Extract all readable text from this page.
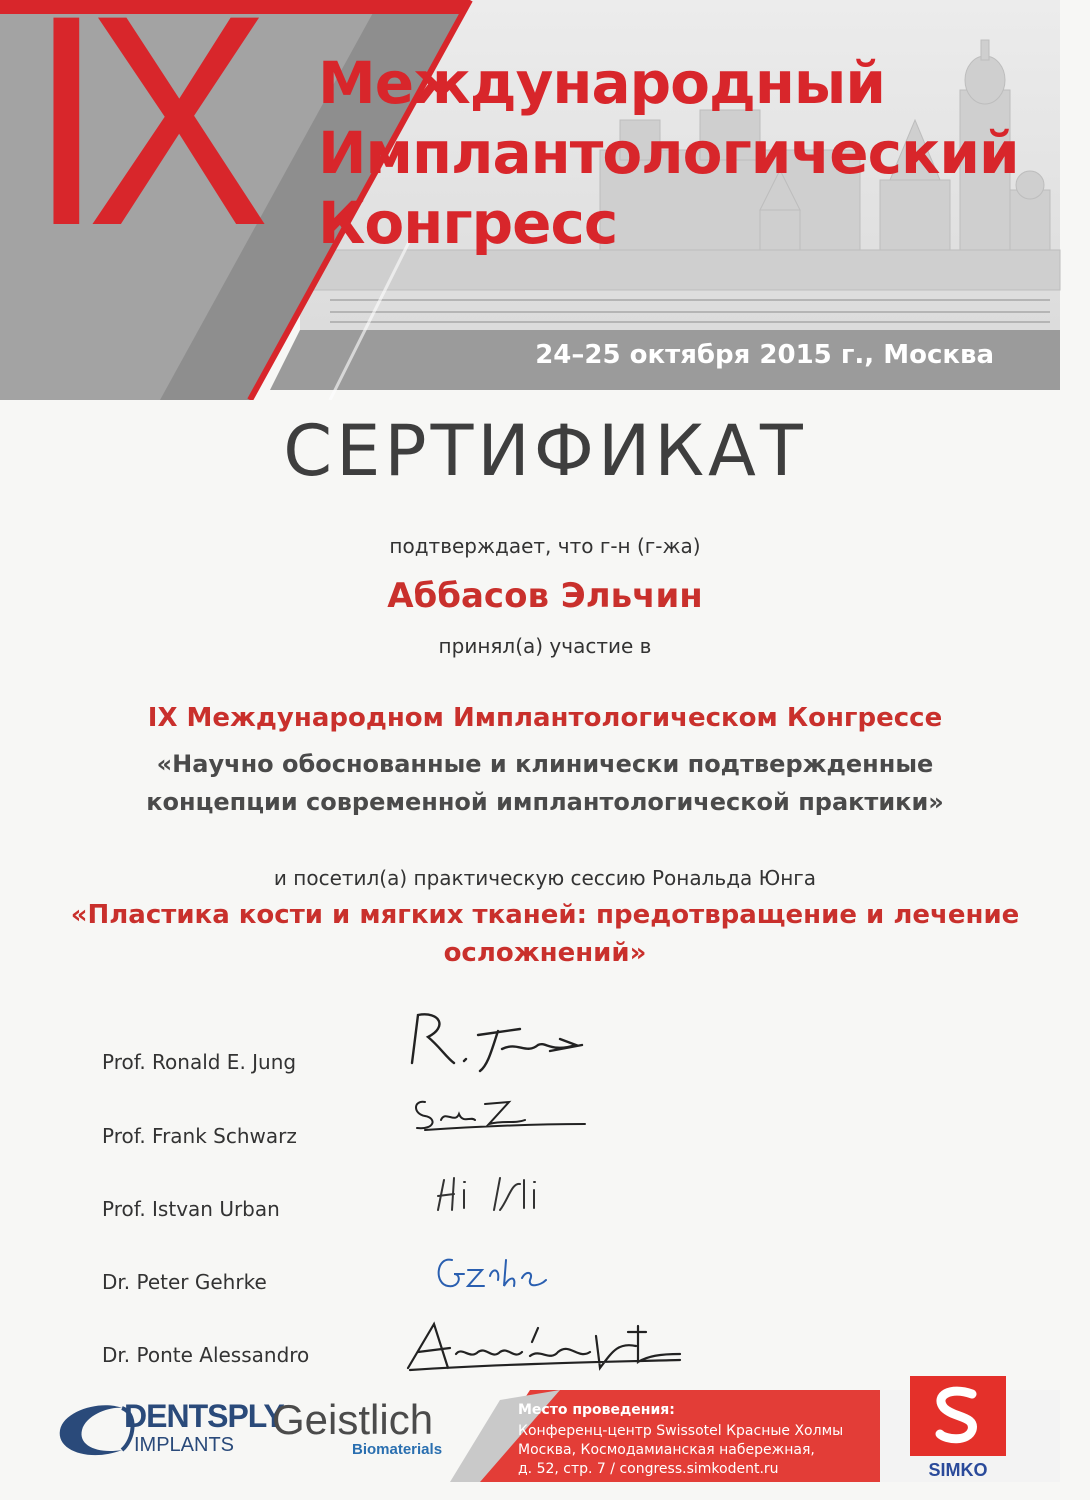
IX Международный
Имплантологический
Конгресс
24–25 октября 2015 г., Москва
СЕРТИФИКАТ
подтверждает, что г-н (г-жа)
Аббасов Эльчин
принял(а) участие в
IX Международном Имплантологическом Конгрессе
«Научно обоснованные и клинически подтвержденные
концепции современной имплантологической практики»
и посетил(а) практическую сессию Рональда Юнга
«Пластика кости и мягких тканей: предотвращение и лечение
осложнений»
Prof. Ronald E. Jung
Prof. Frank Schwarz
Prof. Istvan Urban
Dr. Peter Gehrke
Dr. Ponte Alessandro
DENTSPLY
IMPLANTS
Geistlich
Biomaterials
Место проведения:
Конференц-центр Swissotel Красные Холмы
Москва, Космодамианская набережная,
д. 52, стр. 7 / congress.simkodent.ru	SIMKO
